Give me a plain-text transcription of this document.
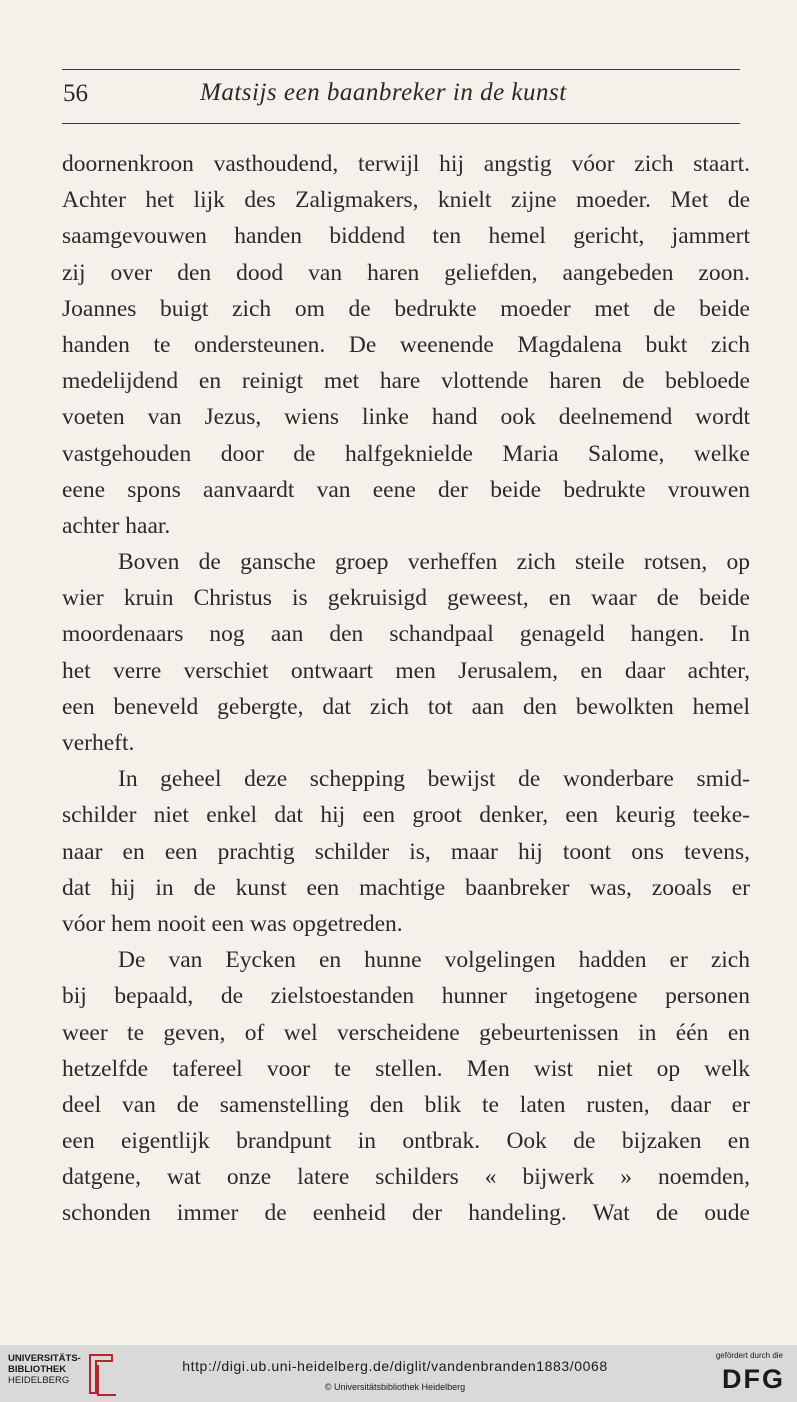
56	Matsijs een baanbreker in de kunst
doornenkroon vasthoudend, terwijl hij angstig vóor zich staart.
Achter het lijk des Zaligmakers, knielt zijne moeder. Met de
saamgevouwen handen biddend ten hemel gericht, jammert
zij over den dood van haren geliefden, aangebeden zoon.
Joannes buigt zich om de bedrukte moeder met de beide
handen te ondersteunen. De weenende Magdalena bukt zich
medelijdend en reinigt met hare vlottende haren de bebloede
voeten van Jezus, wiens linke hand ook deelnemend wordt
vastgehouden door de halfgeknielde Maria Salome, welke
eene spons aanvaardt van eene der beide bedrukte vrouwen
achter haar.
Boven de gansche groep verheffen zich steile rotsen, op
wier kruin Christus is gekruisigd geweest, en waar de beide
moordenaars nog aan den schandpaal genageld hangen. In
het verre verschiet ontwaart men Jerusalem, en daar achter,
een beneveld gebergte, dat zich tot aan den bewolkten hemel
verheft.
In geheel deze schepping bewijst de wonderbare smid-
schilder niet enkel dat hij een groot denker, een keurig teeke-
naar en een prachtig schilder is, maar hij toont ons tevens,
dat hij in de kunst een machtige baanbreker was, zooals er
vóor hem nooit een was opgetreden.
De van Eycken en hunne volgelingen hadden er zich
bij bepaald, de zielstoestanden hunner ingetogene personen
weer te geven, of wel verscheidene gebeurtenissen in één en
hetzelfde tafereel voor te stellen. Men wist niet op welk
deel van de samenstelling den blik te laten rusten, daar er
een eigentlijk brandpunt in ontbrak. Ook de bijzaken en
datgene, wat onze latere schilders « bijwerk » noemden,
schonden immer de eenheid der handeling. Wat de oude
UNIVERSITÄTS-
BIBLIOTHEK
HEIDELBERG
http://digi.ub.uni-heidelberg.de/diglit/vandenbranden1883/0068
© Universitätsbibliothek Heidelberg
gefördert durch die
DFG
